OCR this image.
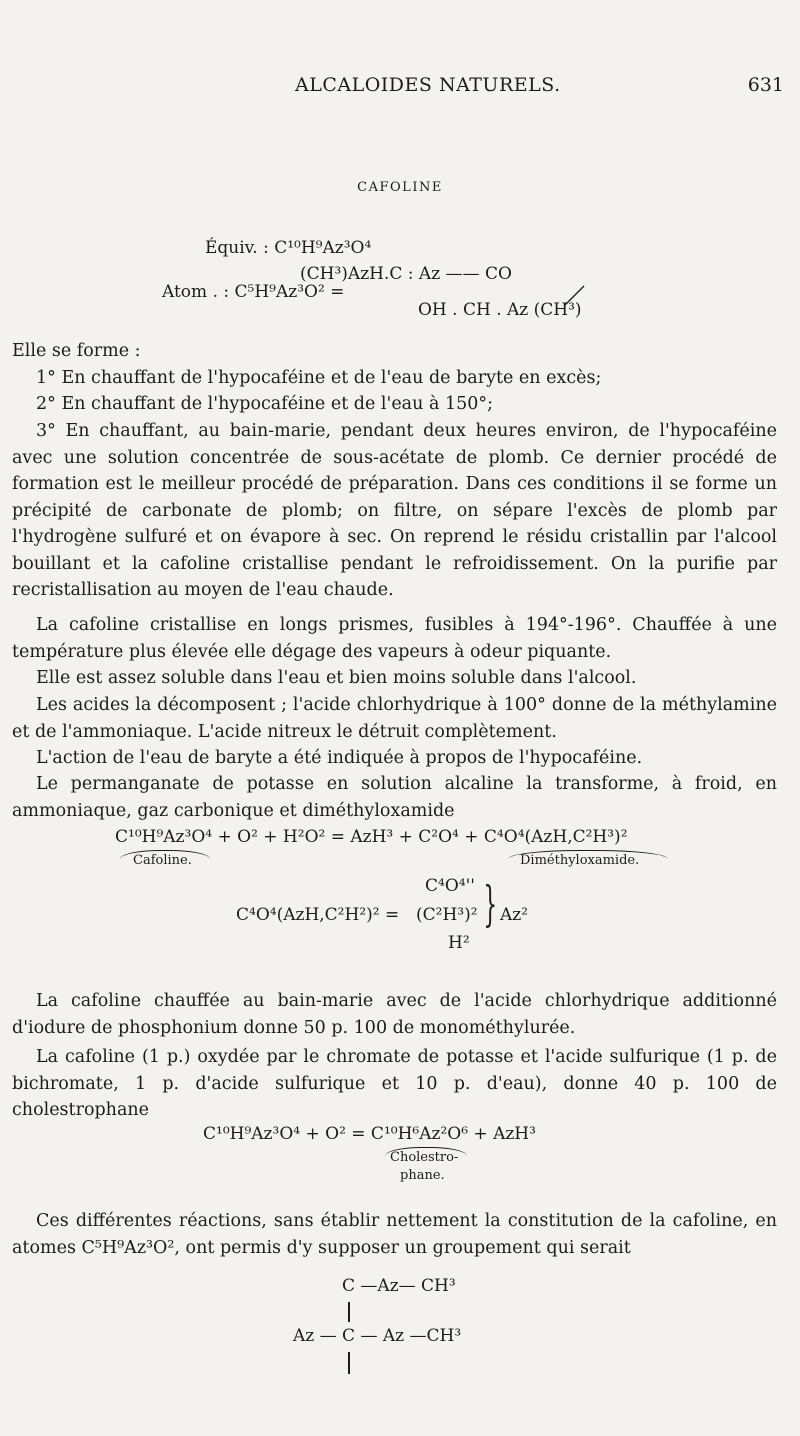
ALCALOIDES NATURELS.	631
CAFOLINE
Équiv. : C¹⁰H⁹Az³O⁴
(CH³)AzH.C : Az —— CO
Atom . : C⁵H⁹Az³O² =
OH . CH . Az (CH³)
Elle se forme :
1° En chauffant de l'hypocaféine et de l'eau de baryte en excès;
2° En chauffant de l'hypocaféine et de l'eau à 150°;
3° En chauffant, au bain-marie, pendant deux heures environ, de l'hypocaféine avec une solution concentrée de sous-acétate de plomb. Ce dernier procédé de formation est le meilleur procédé de préparation. Dans ces conditions il se forme un précipité de carbonate de plomb; on filtre, on sépare l'excès de plomb par l'hydrogène sulfuré et on évapore à sec. On reprend le résidu cristallin par l'alcool bouillant et la cafoline cristallise pendant le refroidissement. On la purifie par recristallisation au moyen de l'eau chaude.
La cafoline cristallise en longs prismes, fusibles à 194°-196°. Chauffée à une température plus élevée elle dégage des vapeurs à odeur piquante.
Elle est assez soluble dans l'eau et bien moins soluble dans l'alcool.
Les acides la décomposent ; l'acide chlorhydrique à 100° donne de la méthylamine et de l'ammoniaque. L'acide nitreux le détruit complètement.
L'action de l'eau de baryte a été indiquée à propos de l'hypocaféine.
Le permanganate de potasse en solution alcaline la transforme, à froid, en ammoniaque, gaz carbonique et diméthyloxamide
C¹⁰H⁹Az³O⁴ + O² + H²O² = AzH³ + C²O⁴ + C⁴O⁴(AzH,C²H³)²
Cafoline.	Diméthyloxamide.
C⁴O⁴''
C⁴O⁴(AzH,C²H²)² = (C²H³)²
H²
} Az²
La cafoline chauffée au bain-marie avec de l'acide chlorhydrique additionné d'iodure de phosphonium donne 50 p. 100 de monométhylurée.
La cafoline (1 p.) oxydée par le chromate de potasse et l'acide sulfurique (1 p. de bichromate, 1 p. d'acide sulfurique et 10 p. d'eau), donne 40 p. 100 de cholestrophane
C¹⁰H⁹Az³O⁴ + O² = C¹⁰H⁶Az²O⁶ + AzH³
Cholestro-
phane.
Ces différentes réactions, sans établir nettement la constitution de la cafoline, en atomes C⁵H⁹Az³O², ont permis d'y supposer un groupement qui serait
C —Az— CH³
Az — C — Az —CH³
